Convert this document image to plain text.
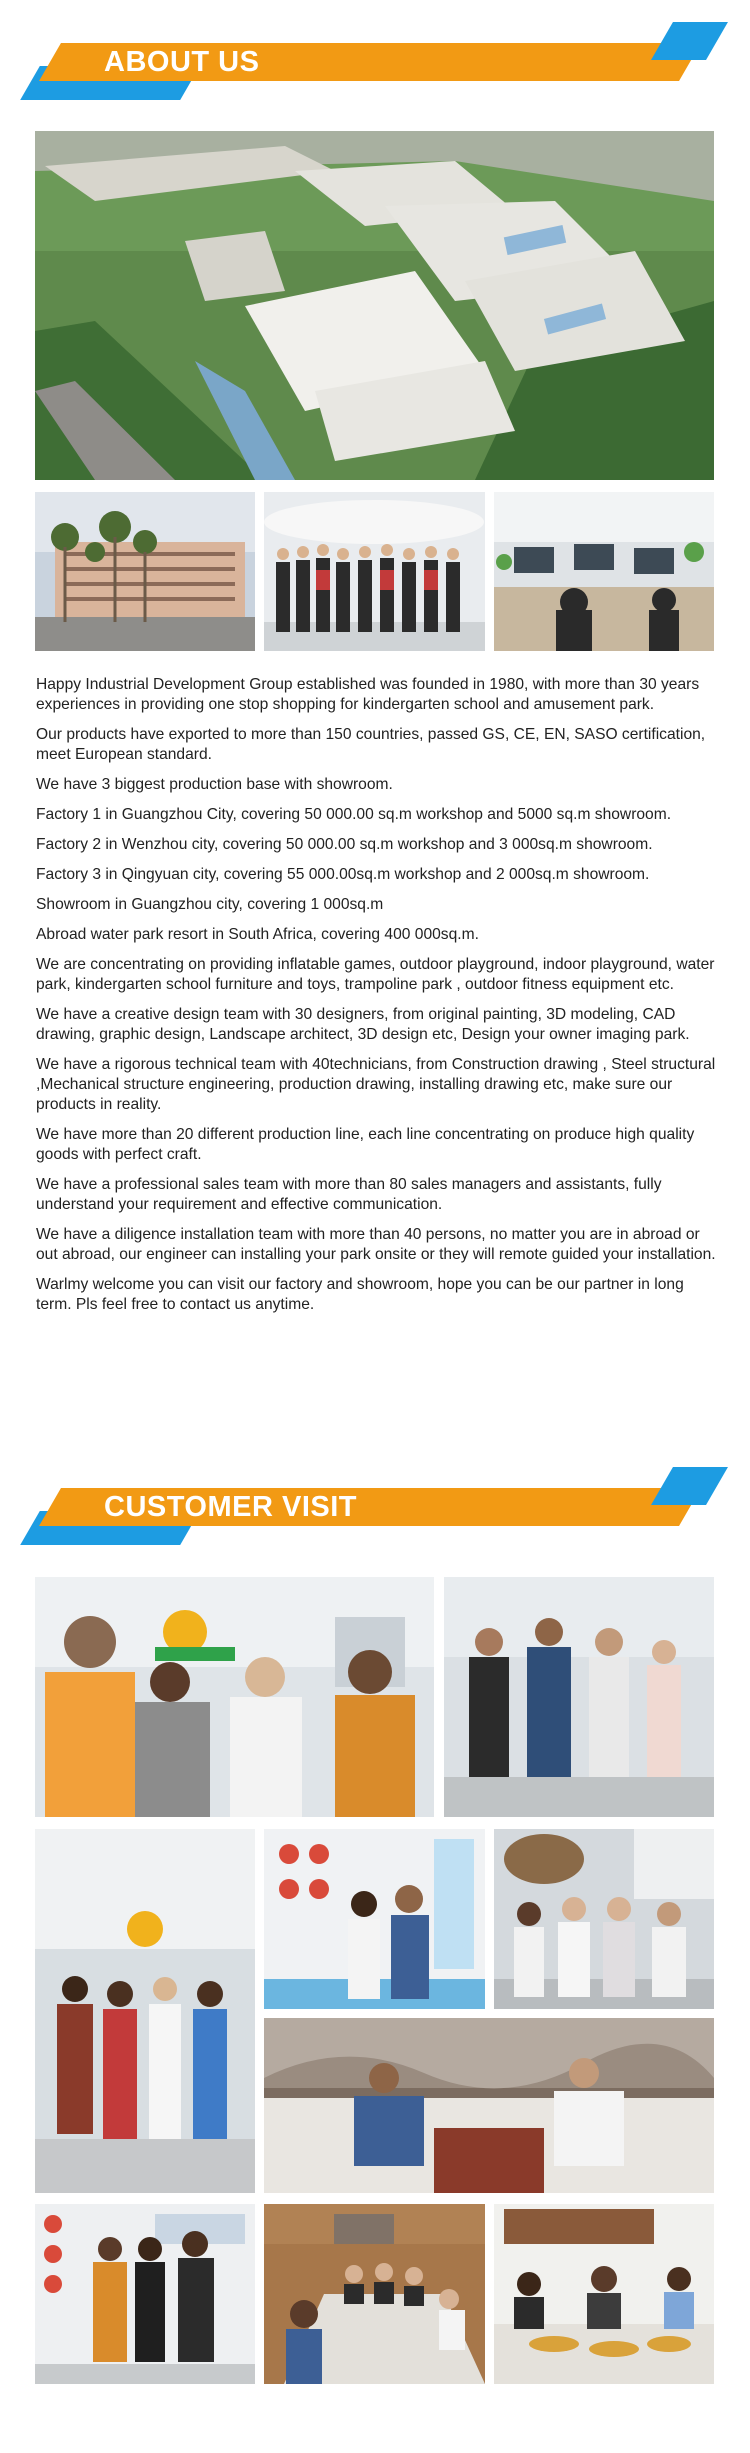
ABOUT US

Happy Industrial Development Group established was founded in 1980, with more than 30 years experiences in providing one stop shopping for kindergarten school and amusement park.

Our products have exported to more than 150 countries, passed GS, CE, EN, SASO certification, meet European standard.

We have 3 biggest production base with showroom.

Factory 1 in Guangzhou City, covering 50 000.00 sq.m workshop and 5000 sq.m showroom.

Factory 2 in Wenzhou city, covering 50 000.00 sq.m workshop and 3 000sq.m showroom.

Factory 3 in Qingyuan city, covering 55 000.00sq.m workshop and 2 000sq.m showroom.

Showroom in Guangzhou city, covering 1 000sq.m

Abroad water park resort in South Africa, covering 400 000sq.m.

We are concentrating on providing inflatable games, outdoor playground, indoor playground, water park, kindergarten school furniture and toys, trampoline park , outdoor fitness equipment etc.

We have a creative design team with 30 designers, from original painting, 3D modeling, CAD drawing, graphic design, Landscape architect, 3D design etc, Design your owner imaging park.

We have a rigorous technical team with 40technicians, from Construction drawing , Steel structural ,Mechanical structure engineering, production drawing, installing drawing etc, make sure our products in reality.

We have more than 20 different production line, each line concentrating on produce high quality goods with perfect craft.

We have a professional sales team with more than 80 sales managers and assistants, fully understand your requirement and effective communication.

We have a diligence installation team with more than 40 persons, no matter you are in abroad or out abroad, our engineer can installing your park onsite or they will remote guided your installation.

Warlmy welcome you can visit our factory and showroom, hope you can be our partner in long term. Pls feel free to contact us anytime.

CUSTOMER VISIT
